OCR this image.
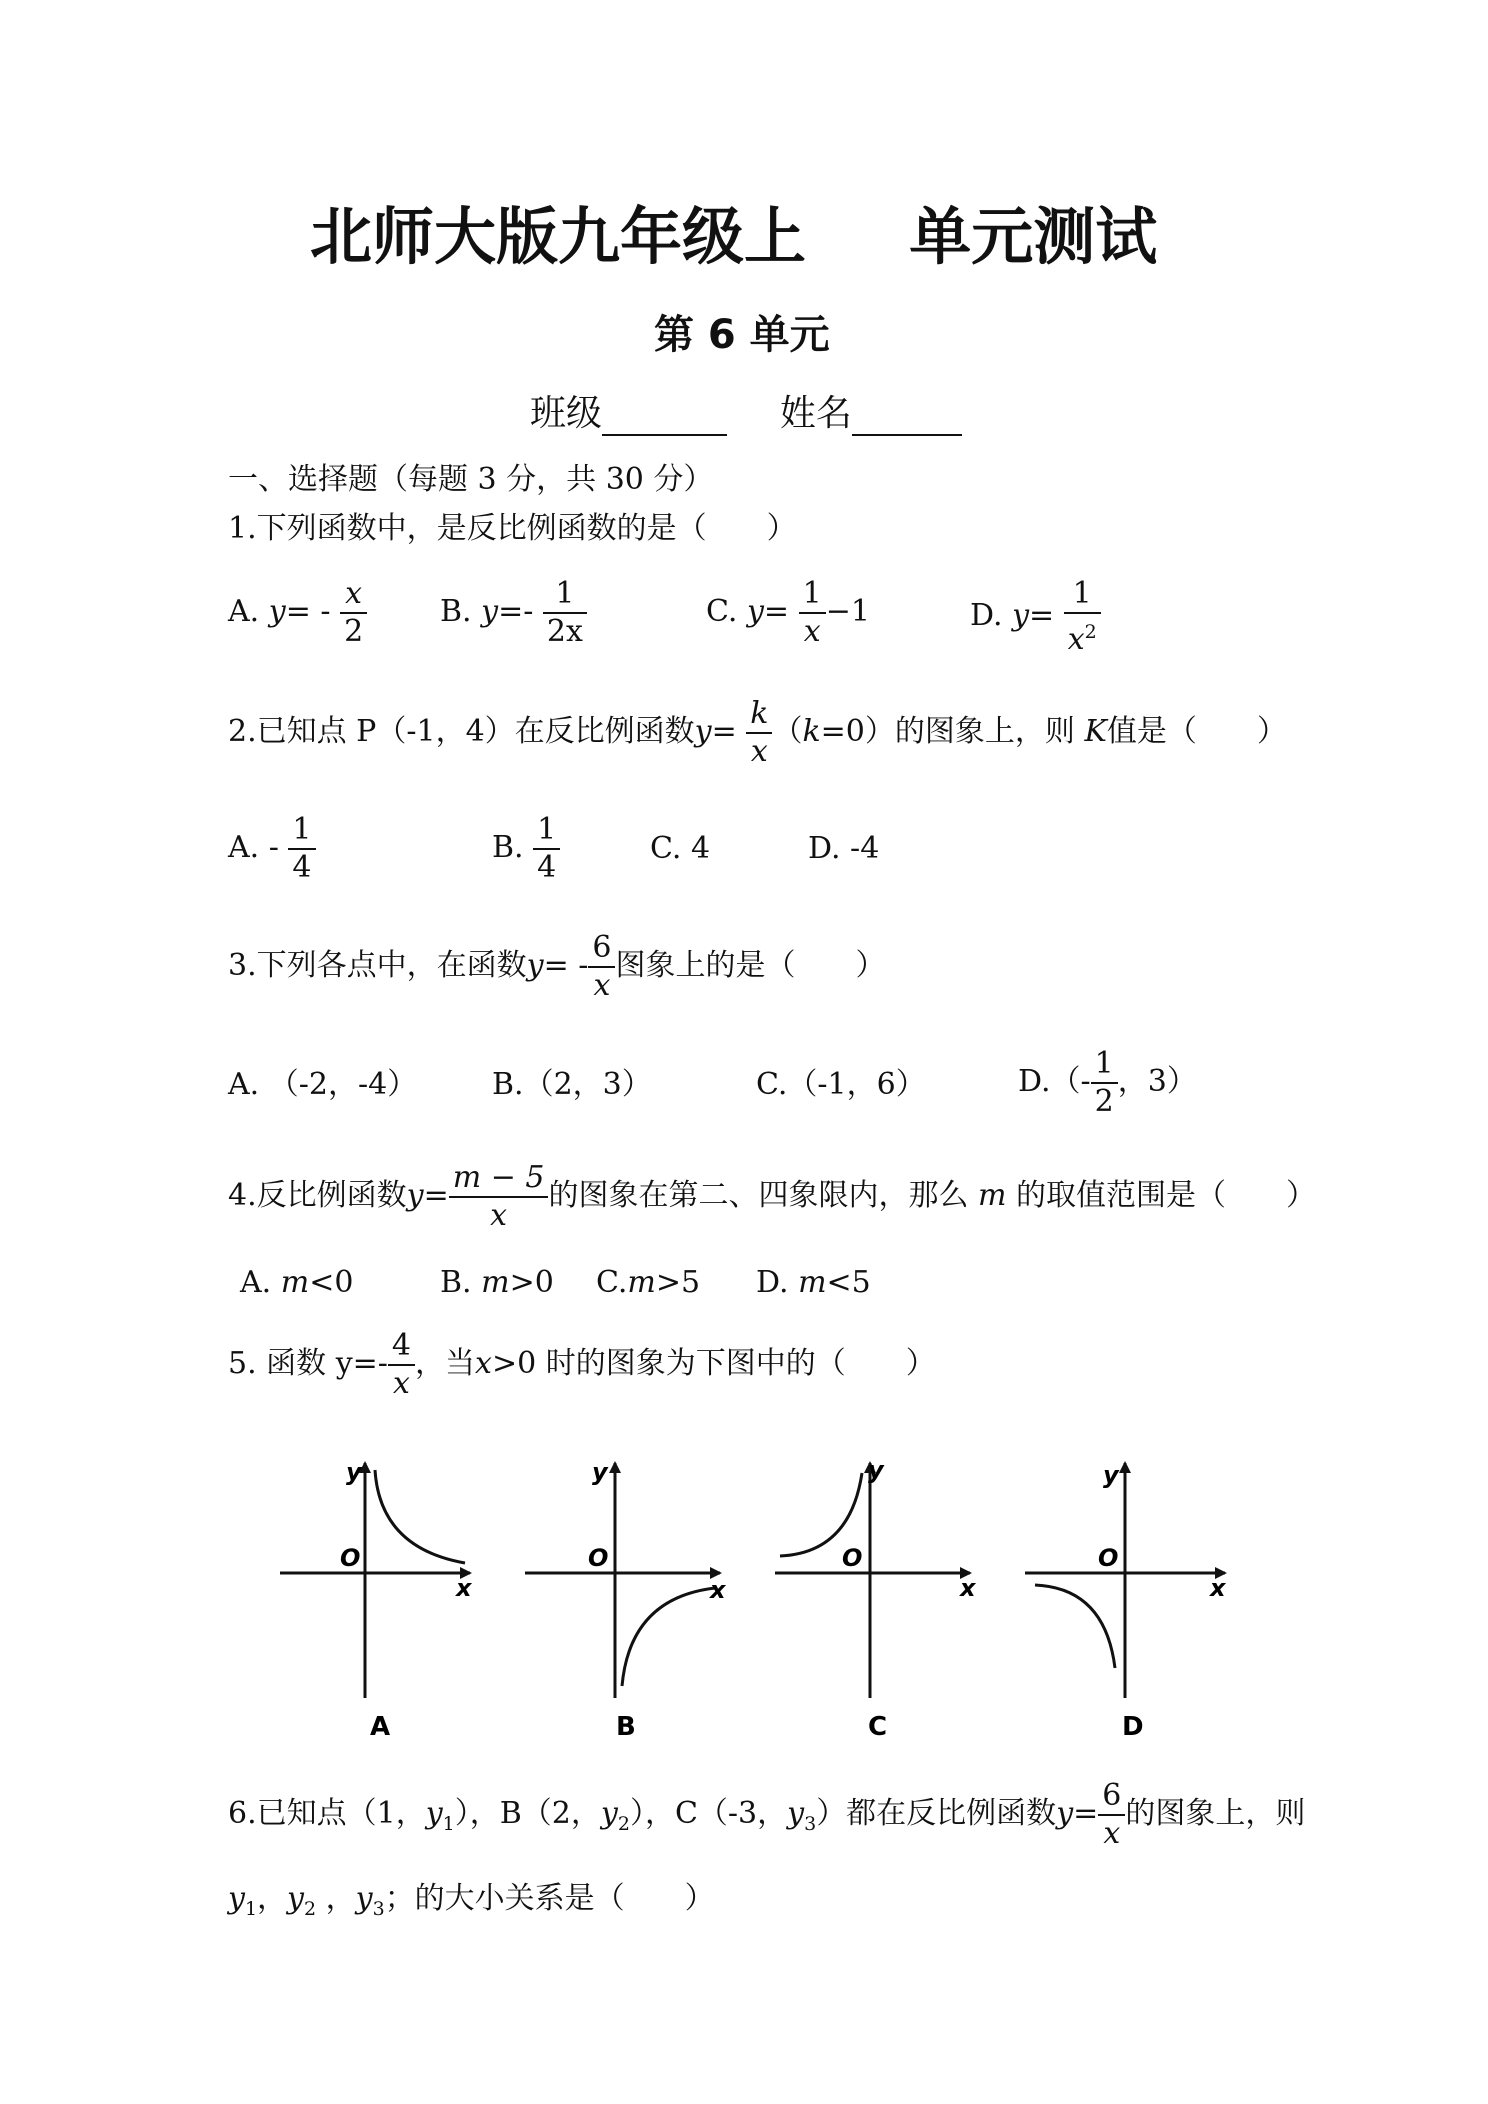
北师大版九年级上 单元测试
第 6 单元
班级	姓名
一、选择题（每题 3 分，共 30 分）
1.下列函数中，是反比例函数的是（　　）
A. $y= - \frac{x}{2} B$. $y=- \frac{1}{2x}$	C. $y= \frac{1}{x} -1$	D. $y= \frac{1}{x^2}$
2.已知点 P（-1，4）在反比例函数$y= \frac{k}{x} (k=0)$的图象上，则 K值是（　　）
A. - $\frac{1}{4}$	B. $\frac{1}{4}$	C. 4	D. -4
3.下列各点中，在函数$y= - \frac{6}{x}$ 图象上的是（　　）
A. （-2，-4） B.（2，3）	C.（-1，6）	$D.(- \frac{1}{2}$ ，3）
4.反比例函数$y= \frac{m - 5}{x}$ 的图象在第二、四象限内，那么 m 的取值范围是（　　）
A. m<0	B. m>0 C.m>5 D. m<5
5. 函数 $y=- \frac{4}{x}$ ，当x>0 时的图象为下图中的（　　）
y
O
x
A
y
O
x
B
y
O
x
C
y
O
x
D
6.已知点（1，$y_1$），B（2，$y_2$），C（-3，$y_3$）都在反比例函数$y= \frac{6}{x}$ 的图象上，则
$y_1$，$y_2$ ，$y_3$；的大小关系是（　　）
